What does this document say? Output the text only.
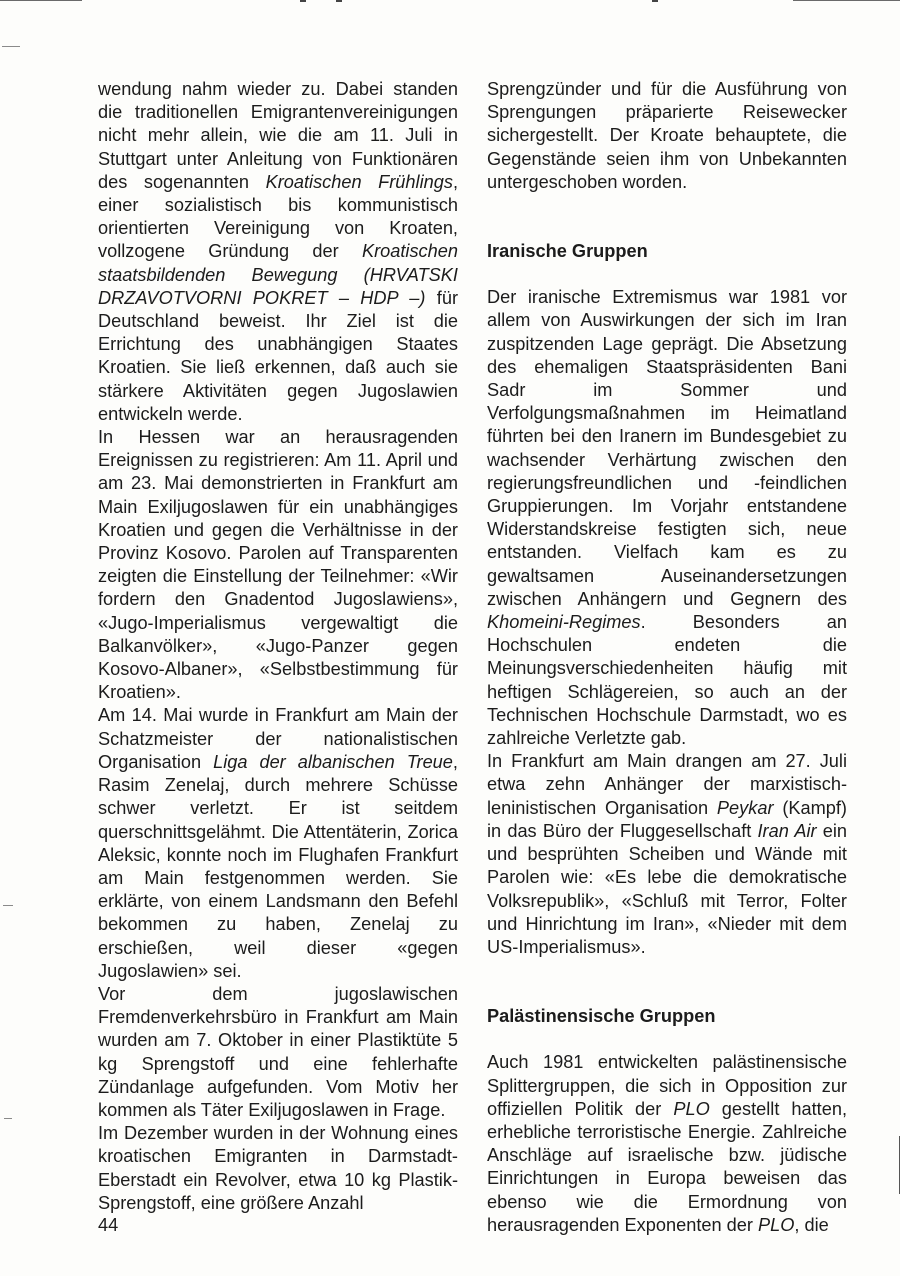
wendung nahm wieder zu. Dabei standen die traditionellen Emigrantenvereinigungen nicht mehr allein, wie die am 11. Juli in Stuttgart unter Anleitung von Funktionären des sogenannten Kroatischen Frühlings, einer sozialistisch bis kommunistisch orientierten Vereinigung von Kroaten, vollzogene Gründung der Kroatischen staatsbildenden Bewegung (HRVATSKI DRZAVOTVORNI POKRET – HDP –) für Deutschland beweist. Ihr Ziel ist die Errichtung des unabhängigen Staates Kroatien. Sie ließ erkennen, daß auch sie stärkere Aktivitäten gegen Jugoslawien entwickeln werde.

In Hessen war an herausragenden Ereignissen zu registrieren: Am 11. April und am 23. Mai demonstrierten in Frankfurt am Main Exiljugoslawen für ein unabhängiges Kroatien und gegen die Verhältnisse in der Provinz Kosovo. Parolen auf Transparenten zeigten die Einstellung der Teilnehmer: «Wir fordern den Gnadentod Jugoslawiens», «Jugo-Imperialismus vergewaltigt die Balkanvölker», «Jugo-Panzer gegen Kosovo-Albaner», «Selbstbestimmung für Kroatien».

Am 14. Mai wurde in Frankfurt am Main der Schatzmeister der nationalistischen Organisation Liga der albanischen Treue, Rasim Zenelaj, durch mehrere Schüsse schwer verletzt. Er ist seitdem querschnittsgelähmt. Die Attentäterin, Zorica Aleksic, konnte noch im Flughafen Frankfurt am Main festgenommen werden. Sie erklärte, von einem Landsmann den Befehl bekommen zu haben, Zenelaj zu erschießen, weil dieser «gegen Jugoslawien» sei.

Vor dem jugoslawischen Fremdenverkehrsbüro in Frankfurt am Main wurden am 7. Oktober in einer Plastiktüte 5 kg Sprengstoff und eine fehlerhafte Zündanlage aufgefunden. Vom Motiv her kommen als Täter Exiljugoslawen in Frage.

Im Dezember wurden in der Wohnung eines kroatischen Emigranten in Darmstadt-Eberstadt ein Revolver, etwa 10 kg Plastik-Sprengstoff, eine größere Anzahl

Sprengzünder und für die Ausführung von Sprengungen präparierte Reisewecker sichergestellt. Der Kroate behauptete, die Gegenstände seien ihm von Unbekannten untergeschoben worden.

Iranische Gruppen

Der iranische Extremismus war 1981 vor allem von Auswirkungen der sich im Iran zuspitzenden Lage geprägt. Die Absetzung des ehemaligen Staatspräsidenten Bani Sadr im Sommer und Verfolgungsmaßnahmen im Heimatland führten bei den Iranern im Bundesgebiet zu wachsender Verhärtung zwischen den regierungsfreundlichen und -feindlichen Gruppierungen. Im Vorjahr entstandene Widerstandskreise festigten sich, neue entstanden. Vielfach kam es zu gewaltsamen Auseinandersetzungen zwischen Anhängern und Gegnern des Khomeini-Regimes. Besonders an Hochschulen endeten die Meinungsverschiedenheiten häufig mit heftigen Schlägereien, so auch an der Technischen Hochschule Darmstadt, wo es zahlreiche Verletzte gab.

In Frankfurt am Main drangen am 27. Juli etwa zehn Anhänger der marxistisch-leninistischen Organisation Peykar (Kampf) in das Büro der Fluggesellschaft Iran Air ein und besprühten Scheiben und Wände mit Parolen wie: «Es lebe die demokratische Volksrepublik», «Schluß mit Terror, Folter und Hinrichtung im Iran», «Nieder mit dem US-Imperialismus».

Palästinensische Gruppen

Auch 1981 entwickelten palästinensische Splittergruppen, die sich in Opposition zur offiziellen Politik der PLO gestellt hatten, erhebliche terroristische Energie. Zahlreiche Anschläge auf israelische bzw. jüdische Einrichtungen in Europa beweisen das ebenso wie die Ermordnung von herausragenden Exponenten der PLO, die

44
